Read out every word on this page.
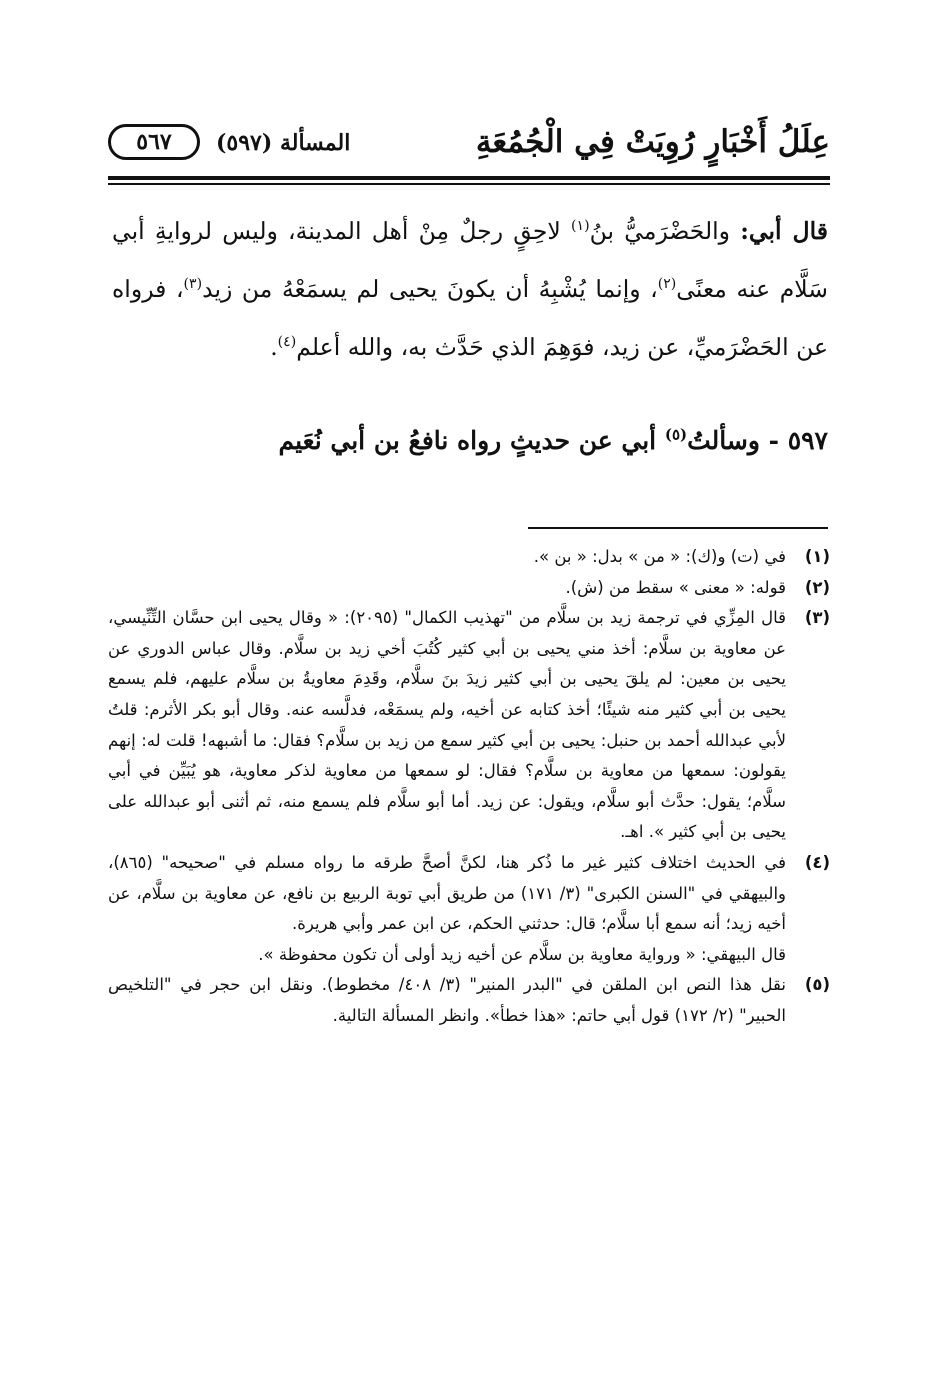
عِلَلُ أَخْبَارٍ رُوِيَتْ فِي الْجُمُعَةِ
المسألة (٥٩٧)
٥٦٧

قال أبي: والحَضْرَميُّ بنُ$^{(١)}$ لاحِقٍ رجلٌ مِنْ أهل المدينة، وليس لروايةِ أبي سَلَّام عنه معنًى$^{(٢)}$، وإنما يُشْبِهُ أن يكونَ يحيى لم يسمَعْهُ من زيد$^{(٣)}$، فرواه عن الحَضْرَميِّ، عن زيد، فوَهِمَ الذي حَدَّث به، والله أعلم$^{(٤)}$.

٥٩٧ - وسألتُ$^{(٥)}$ أبي عن حديثٍ رواه نافعُ بن أبي نُعَيم
(١)
في (ت) و(ك): « من » بدل: « بن ».
(٢)
قوله: « معنى » سقط من (ش).
(٣)
قال المِزِّي في ترجمة زيد بن سلَّام من "تهذيب الكمال" (٢٠٩٥): « وقال يحيى ابن حسَّان التِّنِّيسي، عن معاوية بن سلَّام: أخذ مني يحيى بن أبي كثير كُتُبَ أخي زيد بن سلَّام. وقال عباس الدوري عن يحيى بن معين: لم يلقَ يحيى بن أبي كثير زيدَ بنَ سلَّام، وقَدِمَ معاويةُ بن سلَّام عليهم، فلم يسمع يحيى بن أبي كثير منه شيئًا؛ أخذ كتابه عن أخيه، ولم يسمَعْه، فدلَّسه عنه. وقال أبو بكر الأثرم: قلتُ لأبي عبدالله أحمد بن حنبل: يحيى بن أبي كثير سمع من زيد بن سلَّام؟ فقال: ما أشبهه! قلت له: إنهم يقولون: سمعها من معاوية بن سلَّام؟ فقال: لو سمعها من معاوية لذكر معاوية، هو يُبَيِّن في أبي سلَّام؛ يقول: حدَّث أبو سلَّام، ويقول: عن زيد. أما أبو سلَّام فلم يسمع منه، ثم أثنى أبو عبدالله على يحيى بن أبي كثير ». اهـ.
(٤)
في الحديث اختلاف كثير غير ما ذُكر هنا، لكنَّ أصحَّ طرقه ما رواه مسلم في "صحيحه" (٨٦٥)، والبيهقي في "السنن الكبرى" (٣/ ١٧١) من طريق أبي توبة الربيع بن نافع، عن معاوية بن سلَّام، عن أخيه زيد؛ أنه سمع أبا سلَّام؛ قال: حدثني الحكم، عن ابن عمر وأبي هريرة.
قال البيهقي: « ورواية معاوية بن سلَّام عن أخيه زيد أولى أن تكون محفوظة ».
(٥)
نقل هذا النص ابن الملقن في "البدر المنير" (٣/ ٤٠٨/ مخطوط). ونقل ابن حجر في "التلخيص الحبير" (٢/ ١٧٢) قول أبي حاتم: «هذا خطأ». وانظر المسألة التالية.
